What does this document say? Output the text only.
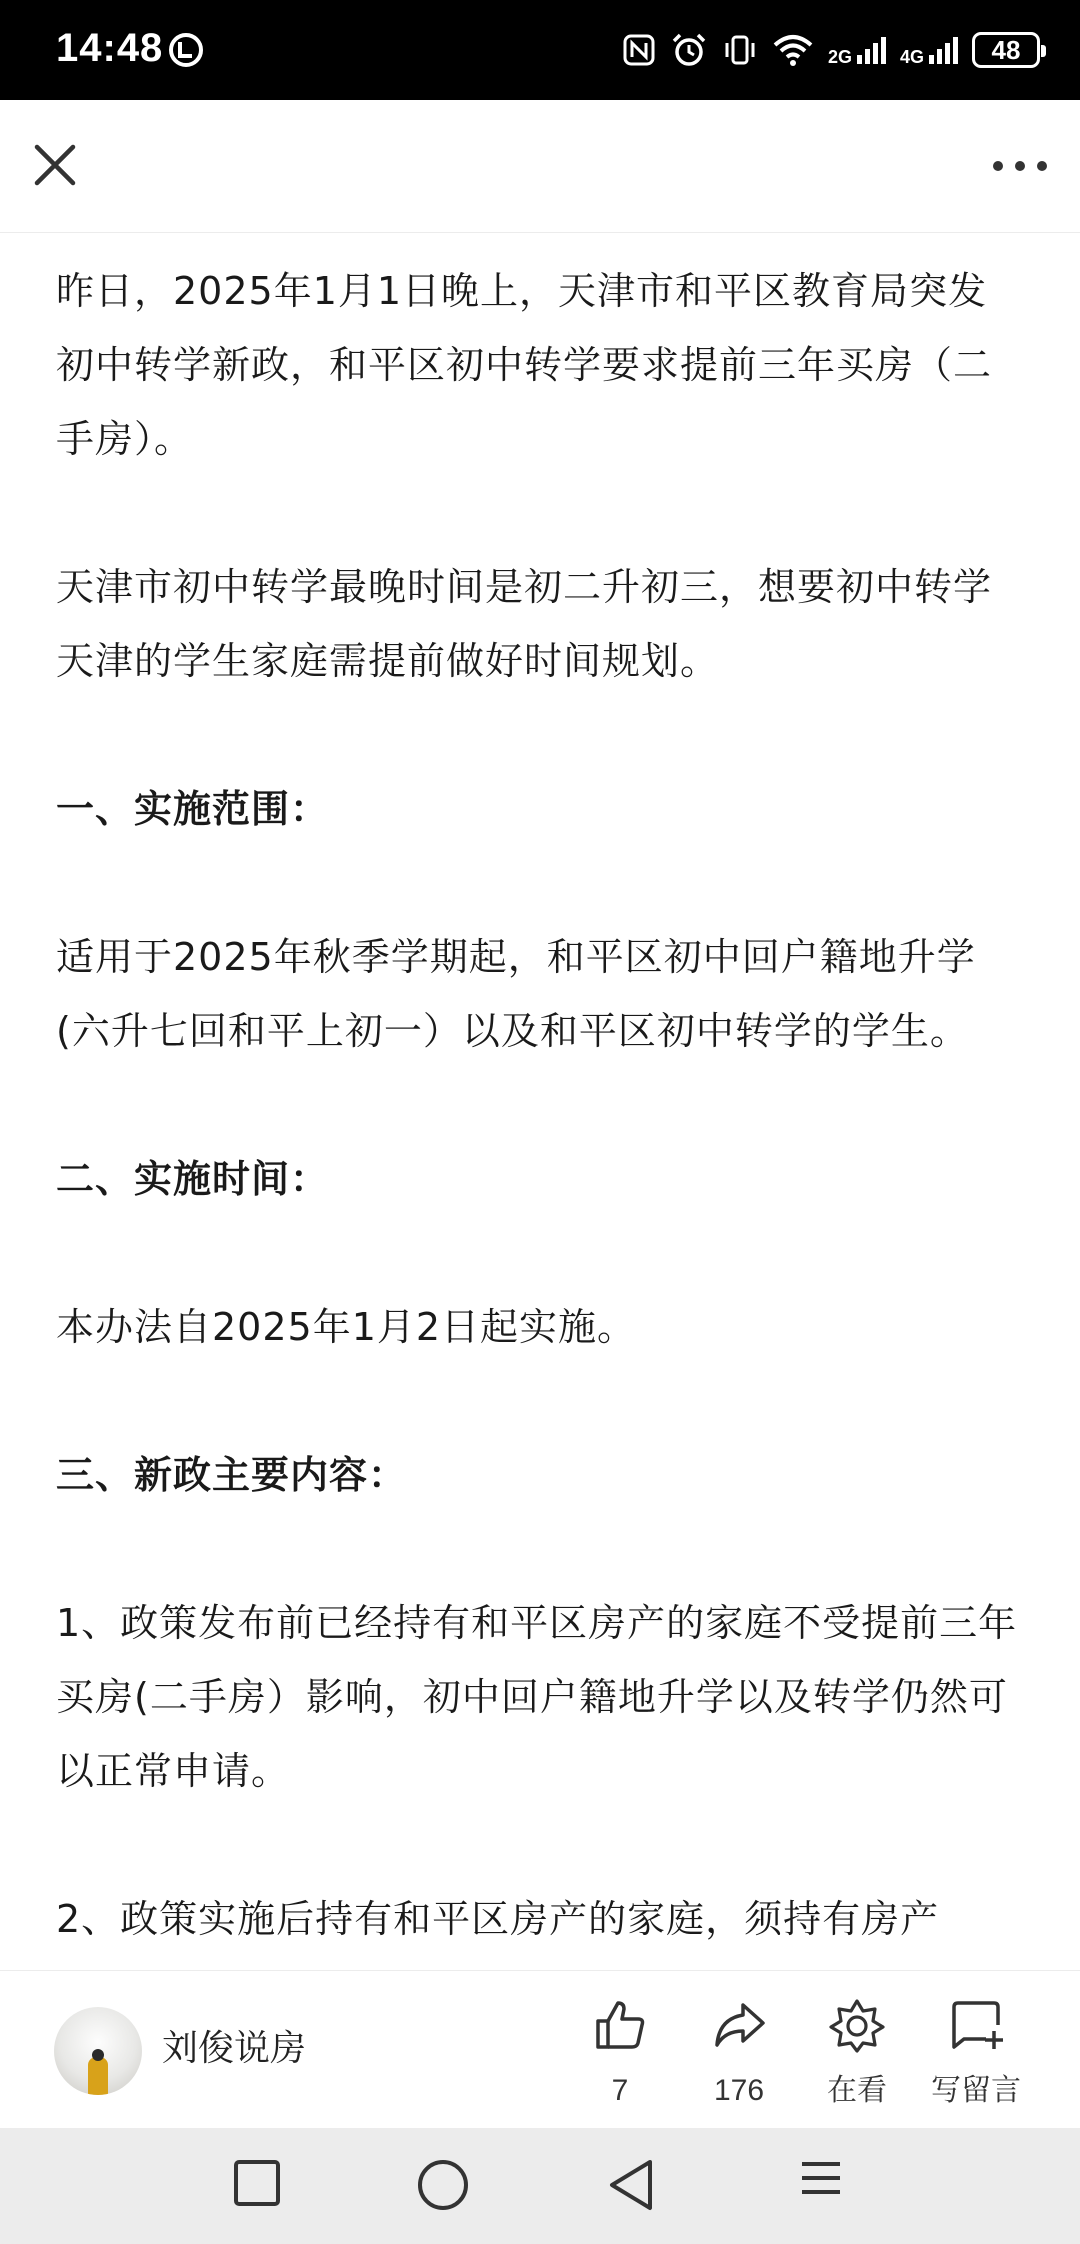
14:48	2G	4G	48

昨日，2025年1月1日晚上，天津市和平区教育局突发初中转学新政，和平区初中转学要求提前三年买房（二手房）。

天津市初中转学最晚时间是初二升初三，想要初中转学天津的学生家庭需提前做好时间规划。

一、实施范围：

适用于2025年秋季学期起，和平区初中回户籍地升学(六升七回和平上初一）以及和平区初中转学的学生。

二、实施时间：

本办法自2025年1月2日起实施。

三、新政主要内容：

1、政策发布前已经持有和平区房产的家庭不受提前三年买房(二手房）影响，初中回户籍地升学以及转学仍然可以正常申请。

2、政策实施后持有和平区房产的家庭，须持有房产

刘俊说房
7	176	在看	写留言
